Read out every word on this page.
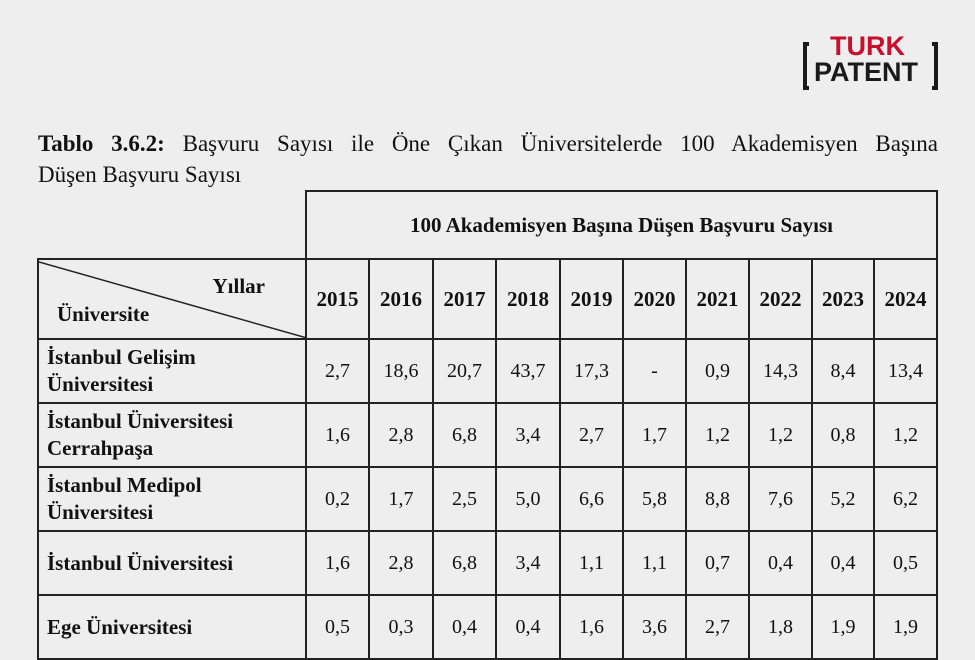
TURK
PATENT
Tablo 3.6.2: Başvuru Sayısı ile Öne Çıkan Üniversitelerde 100 Akademisyen Başına
Düşen Başvuru Sayısı
	100 Akademisyen Başına Düşen Başvuru Sayısı									

Yıllar
Üniversite	2015	2016	2017	2018	2019	2020	2021	2022	2023	2024
İstanbul Gelişim
Üniversitesi	2,7	18,6	20,7	43,7	17,3	-	0,9	14,3	8,4	13,4
İstanbul Üniversitesi
Cerrahpaşa	1,6	2,8	6,8	3,4	2,7	1,7	1,2	1,2	0,8	1,2
İstanbul Medipol
Üniversitesi	0,2	1,7	2,5	5,0	6,6	5,8	8,8	7,6	5,2	6,2
İstanbul Üniversitesi	1,6	2,8	6,8	3,4	1,1	1,1	0,7	0,4	0,4	0,5
Ege Üniversitesi	0,5	0,3	0,4	0,4	1,6	3,6	2,7	1,8	1,9	1,9
